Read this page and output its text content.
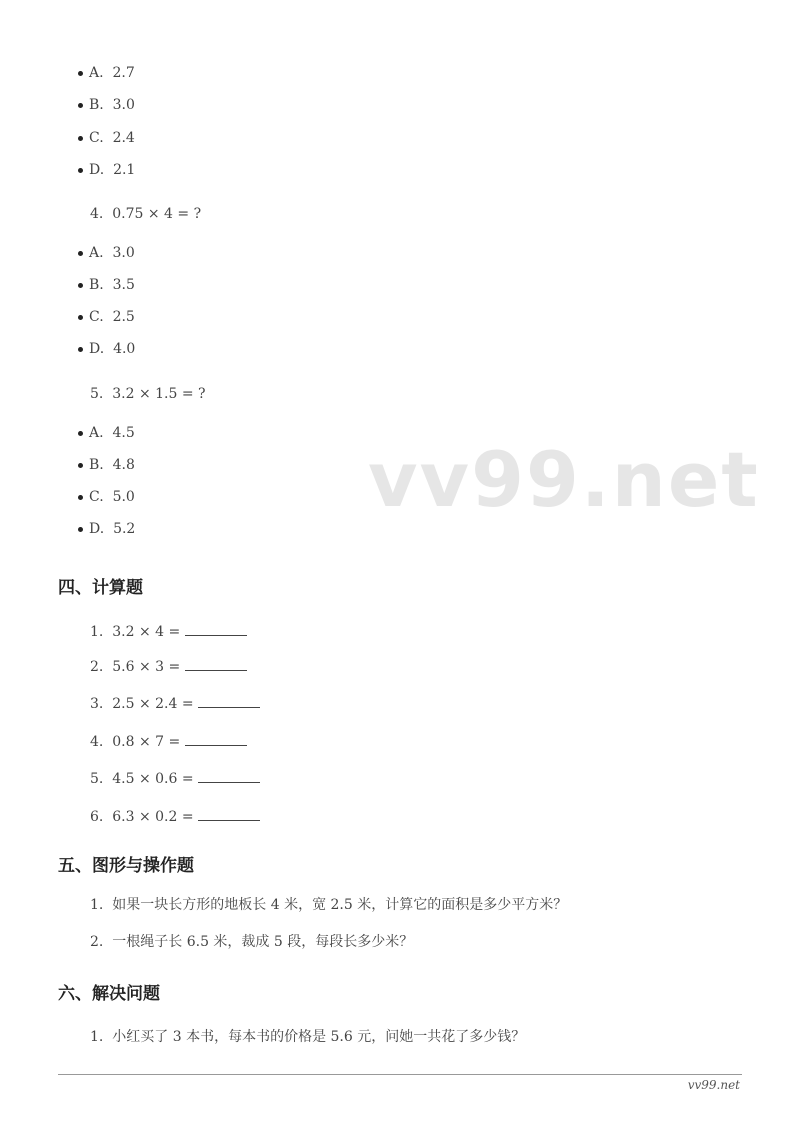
vv99.net
A.  2.7
B.  3.0
C.  2.4
D.  2.1
4.  0.75 × 4 = ?
A.  3.0
B.  3.5
C.  2.5
D.  4.0
5.  3.2 × 1.5 = ?
A.  4.5
B.  4.8
C.  5.0
D.  5.2
四、计算题
1.  3.2 × 4 =
2.  5.6 × 3 =
3.  2.5 × 2.4 =
4.  0.8 × 7 =
5.  4.5 × 0.6 =
6.  6.3 × 0.2 =
五、图形与操作题
1.  如果一块长方形的地板长 4 米，宽 2.5 米，计算它的面积是多少平方米？
2.  一根绳子长 6.5 米，裁成 5 段，每段长多少米？
六、解决问题
1.  小红买了 3 本书，每本书的价格是 5.6 元，问她一共花了多少钱？
vv99.net
